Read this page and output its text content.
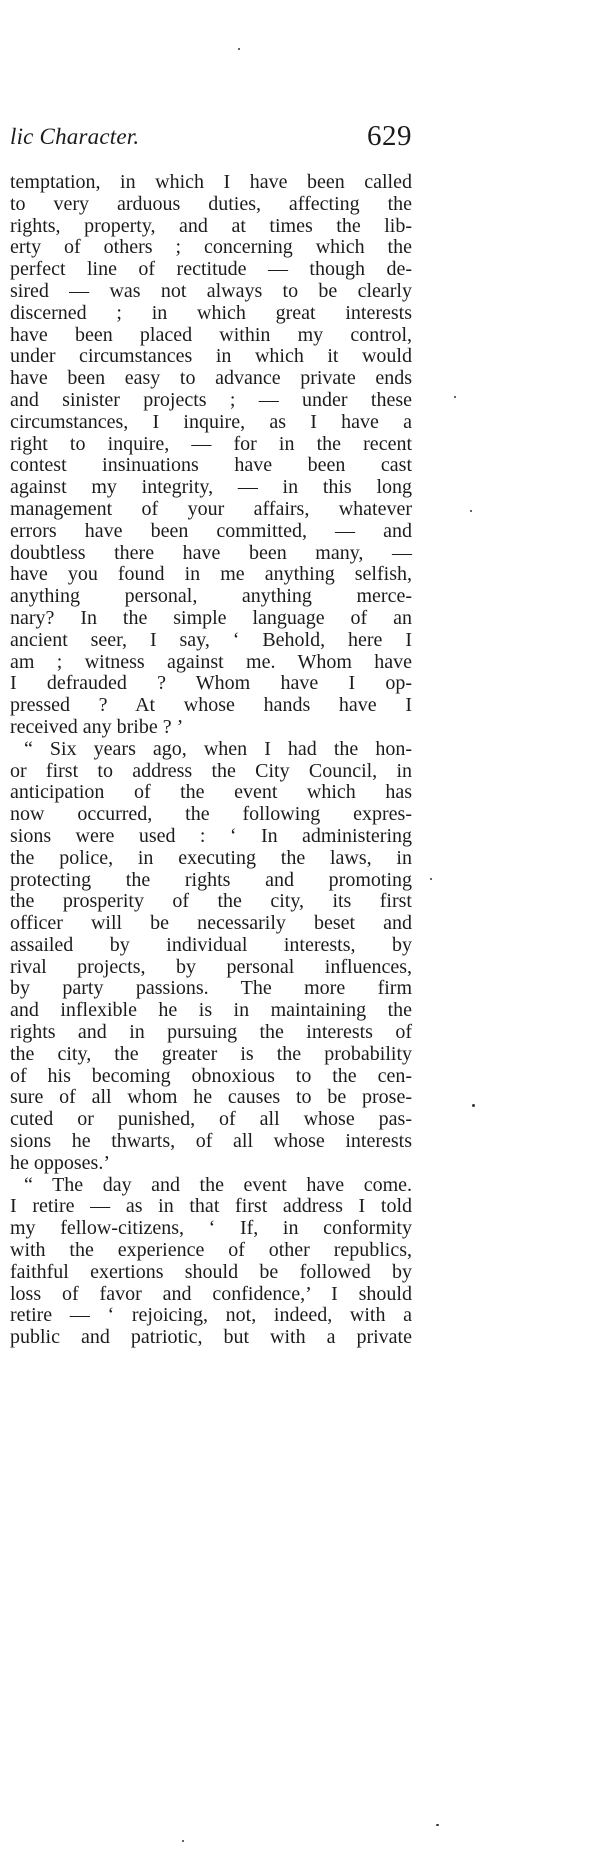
lic Character.	629
temptation, in which I have been called
to very arduous duties, affecting the
rights, property, and at times the lib-
erty of others ; concerning which the
perfect line of rectitude — though de-
sired — was not always to be clearly
discerned ; in which great interests
have been placed within my control,
under circumstances in which it would
have been easy to advance private ends
and sinister projects ; — under these
circumstances, I inquire, as I have a
right to inquire, — for in the recent
contest insinuations have been cast
against my integrity, — in this long
management of your affairs, whatever
errors have been committed, — and
doubtless there have been many, —
have you found in me anything selfish,
anything personal, anything merce-
nary? In the simple language of an
ancient seer, I say, ‘ Behold, here I
am ; witness against me. Whom have
I defrauded ? Whom have I op-
pressed ? At whose hands have I
received any bribe ? ’
“ Six years ago, when I had the hon-
or first to address the City Council, in
anticipation of the event which has
now occurred, the following expres-
sions were used : ‘ In administering
the police, in executing the laws, in
protecting the rights and promoting
the prosperity of the city, its first
officer will be necessarily beset and
assailed by individual interests, by
rival projects, by personal influences,
by party passions. The more firm
and inflexible he is in maintaining the
rights and in pursuing the interests of
the city, the greater is the probability
of his becoming obnoxious to the cen-
sure of all whom he causes to be prose-
cuted or punished, of all whose pas-
sions he thwarts, of all whose interests
he opposes.’
“ The day and the event have come.
I retire — as in that first address I told
my fellow-citizens, ‘ If, in conformity
with the experience of other republics,
faithful exertions should be followed by
loss of favor and confidence,’ I should
retire — ‘ rejoicing, not, indeed, with a
public and patriotic, but with a private
